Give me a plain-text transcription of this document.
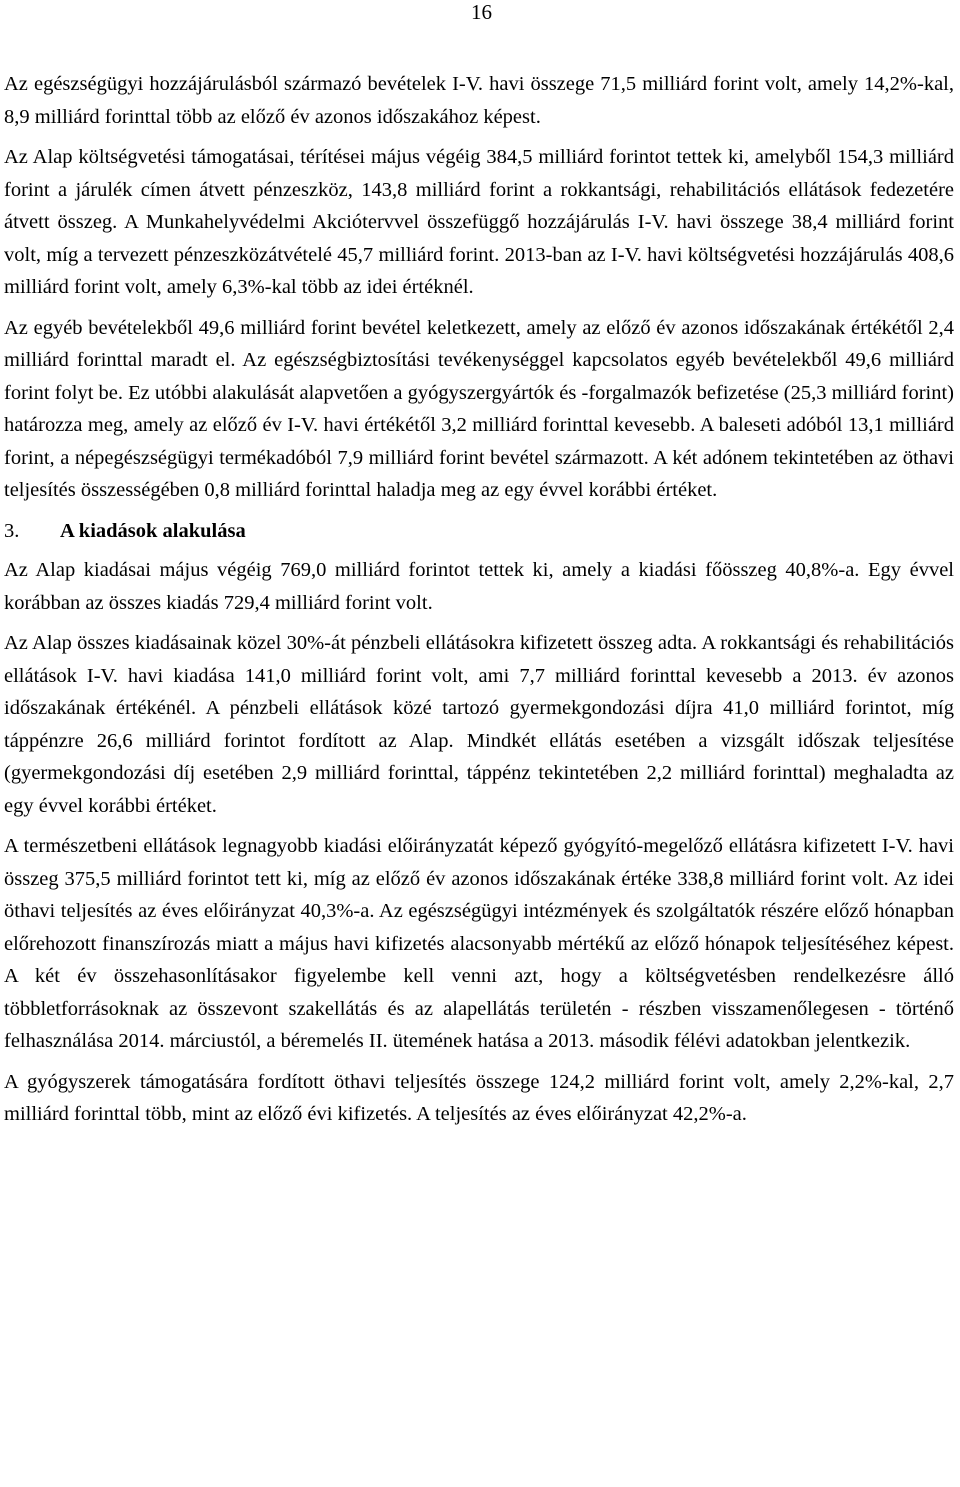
16

Az egészségügyi hozzájárulásból származó bevételek I-V. havi összege 71,5 milliárd forint volt, amely 14,2%-kal, 8,9 milliárd forinttal több az előző év azonos időszakához képest.

Az Alap költségvetési támogatásai, térítései május végéig 384,5 milliárd forintot tettek ki, amelyből 154,3 milliárd forint a járulék címen átvett pénzeszköz, 143,8 milliárd forint a rokkantsági, rehabilitációs ellátások fedezetére átvett összeg. A Munkahelyvédelmi Akciótervvel összefüggő hozzájárulás I-V. havi összege 38,4 milliárd forint volt, míg a tervezett pénzeszközátvételé 45,7 milliárd forint. 2013-ban az I-V. havi költségvetési hozzájárulás 408,6 milliárd forint volt, amely 6,3%-kal több az idei értéknél.

Az egyéb bevételekből 49,6 milliárd forint bevétel keletkezett, amely az előző év azonos időszakának értékétől 2,4 milliárd forinttal maradt el. Az egészségbiztosítási tevékenységgel kapcsolatos egyéb bevételekből 49,6 milliárd forint folyt be. Ez utóbbi alakulását alapvetően a gyógyszergyártók és -forgalmazók befizetése (25,3 milliárd forint) határozza meg, amely az előző év I-V. havi értékétől 3,2 milliárd forinttal kevesebb. A baleseti adóból 13,1 milliárd forint, a népegészségügyi termékadóból 7,9 milliárd forint bevétel származott. A két adónem tekintetében az öthavi teljesítés összességében 0,8 milliárd forinttal haladja meg az egy évvel korábbi értéket.

3. A kiadások alakulása

Az Alap kiadásai május végéig 769,0 milliárd forintot tettek ki, amely a kiadási főösszeg 40,8%-a. Egy évvel korábban az összes kiadás 729,4 milliárd forint volt.

Az Alap összes kiadásainak közel 30%-át pénzbeli ellátásokra kifizetett összeg adta. A rokkantsági és rehabilitációs ellátások I-V. havi kiadása 141,0 milliárd forint volt, ami 7,7 milliárd forinttal kevesebb a 2013. év azonos időszakának értékénél. A pénzbeli ellátások közé tartozó gyermekgondozási díjra 41,0 milliárd forintot, míg táppénzre 26,6 milliárd forintot fordított az Alap. Mindkét ellátás esetében a vizsgált időszak teljesítése (gyermekgondozási díj esetében 2,9 milliárd forinttal, táppénz tekintetében 2,2 milliárd forinttal) meghaladta az egy évvel korábbi értéket.

A természetbeni ellátások legnagyobb kiadási előirányzatát képező gyógyító-megelőző ellátásra kifizetett I-V. havi összeg 375,5 milliárd forintot tett ki, míg az előző év azonos időszakának értéke 338,8 milliárd forint volt. Az idei öthavi teljesítés az éves előirányzat 40,3%-a. Az egészségügyi intézmények és szolgáltatók részére előző hónapban előrehozott finanszírozás miatt a május havi kifizetés alacsonyabb mértékű az előző hónapok teljesítéséhez képest. A két év összehasonlításakor figyelembe kell venni azt, hogy a költségvetésben rendelkezésre álló többletforrásoknak az összevont szakellátás és az alapellátás területén - részben visszamenőlegesen - történő felhasználása 2014. márciustól, a béremelés II. ütemének hatása a 2013. második félévi adatokban jelentkezik.

A gyógyszerek támogatására fordított öthavi teljesítés összege 124,2 milliárd forint volt, amely 2,2%-kal, 2,7 milliárd forinttal több, mint az előző évi kifizetés. A teljesítés az éves előirányzat 42,2%-a.
